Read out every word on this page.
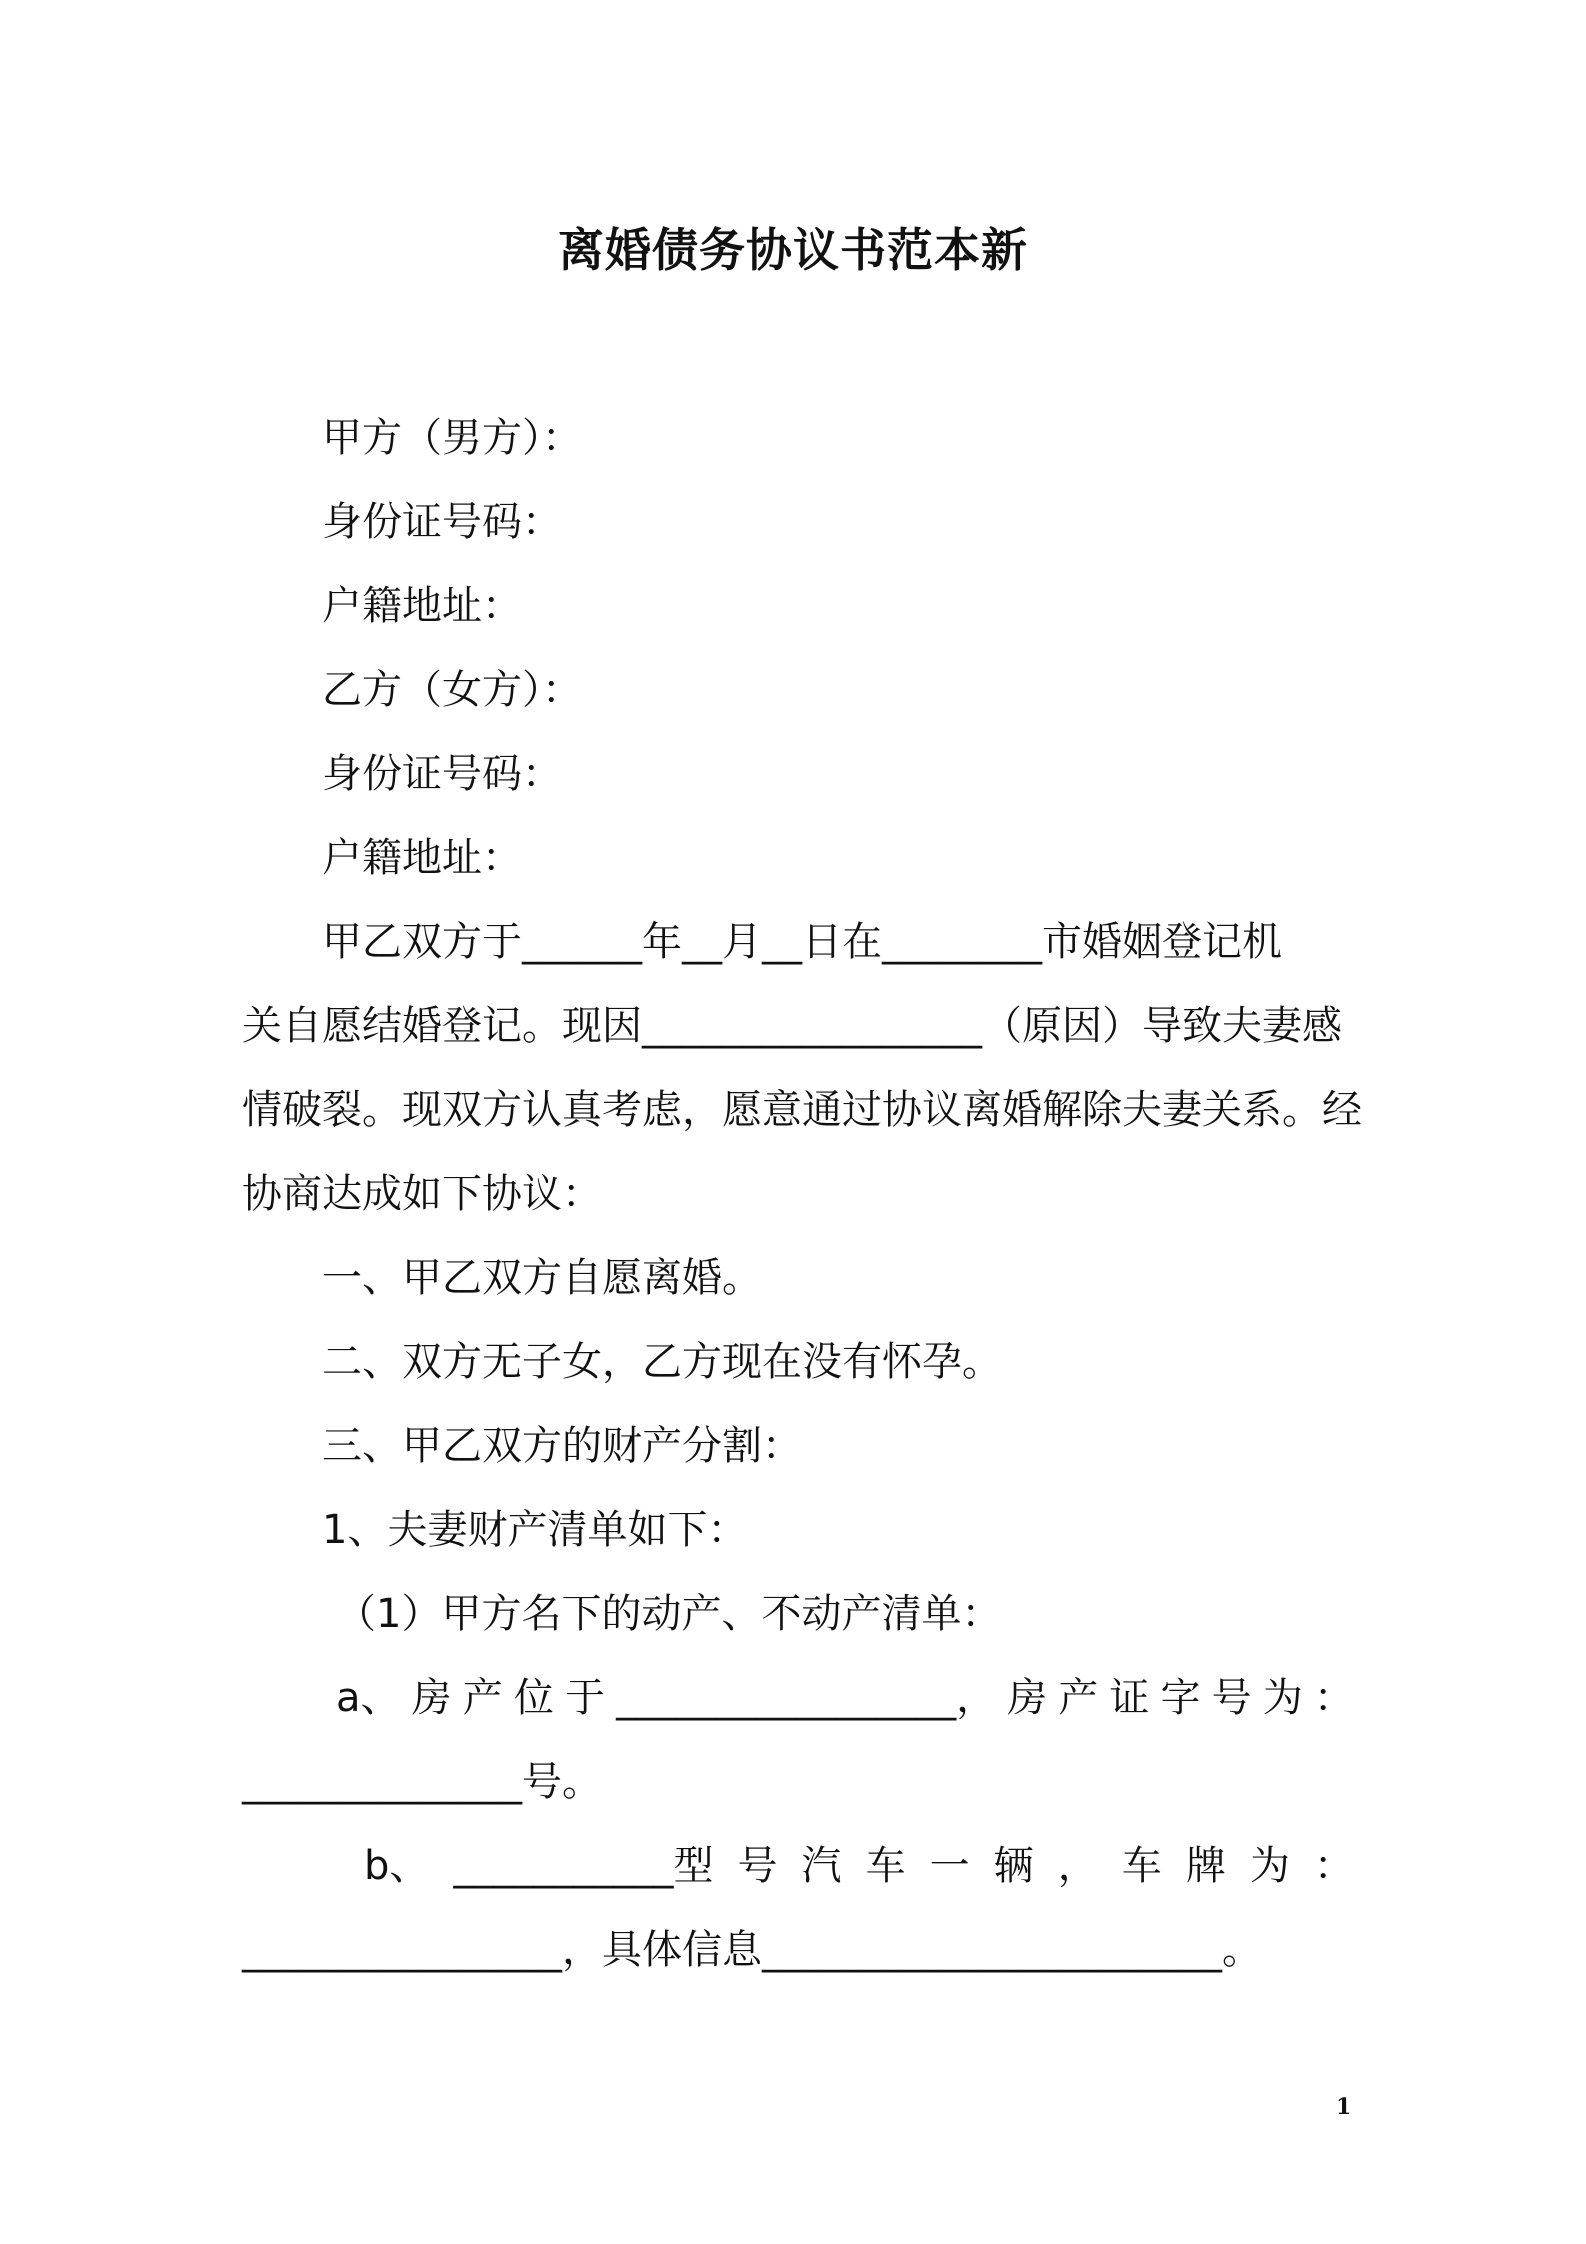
离婚债务协议书范本新
甲方（男方）：
身份证号码：
户籍地址：
乙方（女方）：
身份证号码：
户籍地址：
甲乙双方于______年__月__日在________市婚姻登记机
关自愿结婚登记。现因_________________（原因）导致夫妻感
情破裂。现双方认真考虑，愿意通过协议离婚解除夫妻关系。经
协商达成如下协议：
一、甲乙双方自愿离婚。
二、双方无子女，乙方现在没有怀孕。
三、甲乙双方的财产分割：
1、夫妻财产清单如下：
（1）甲方名下的动产、不动产清单：
a、 房 产 位 于 _________________， 房 产 证 字 号 为 ：
______________号。
b、 ___________型 号 汽 车 一 辆 ， 车 牌 为 ：
________________，具体信息_______________________。
1
